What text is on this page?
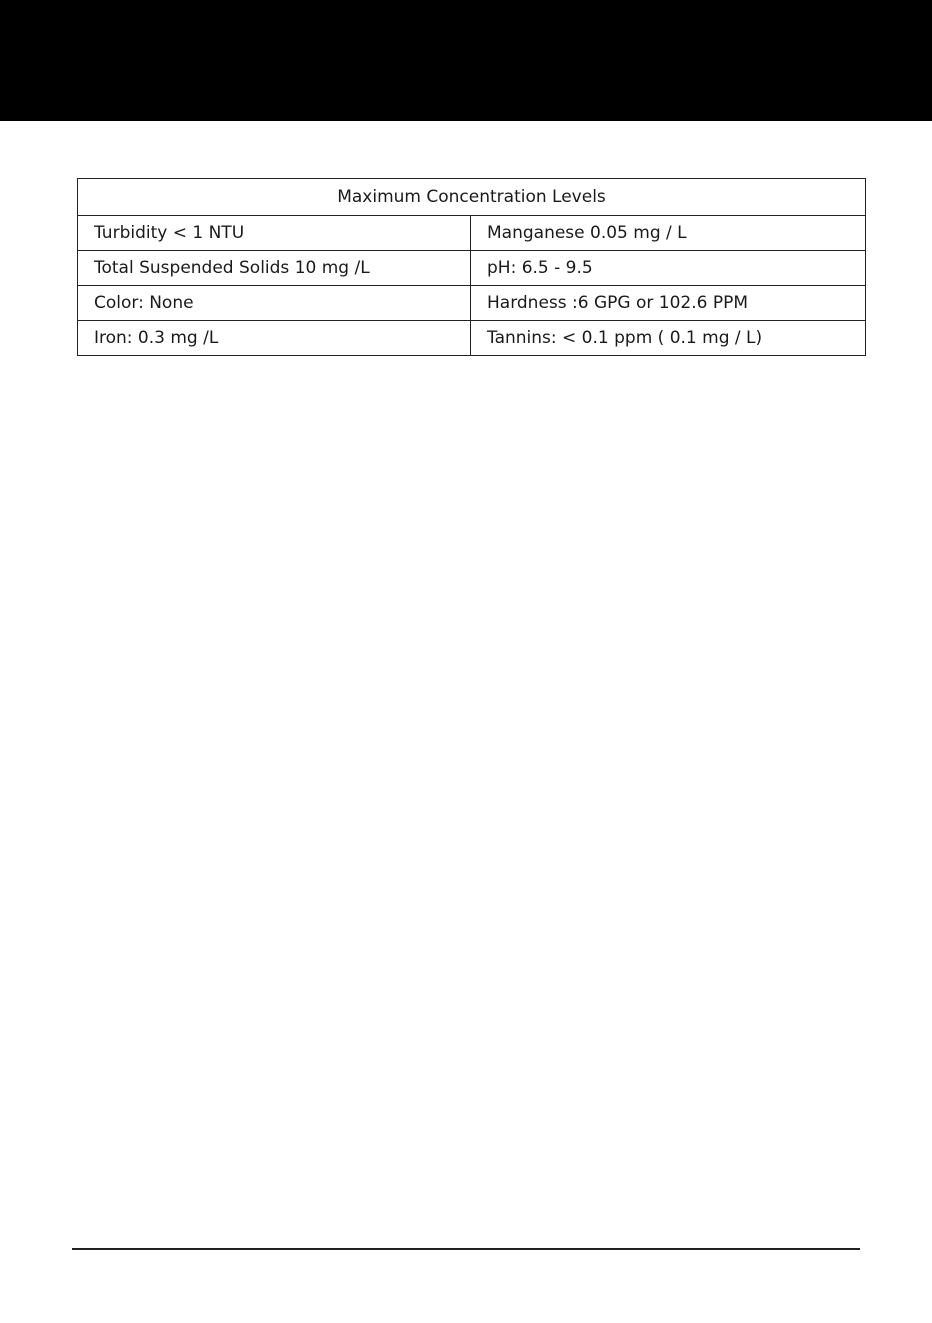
Maximum Concentration Levels	
Turbidity < 1 NTU	Manganese 0.05 mg / L
Total Suspended Solids 10 mg /L	pH: 6.5 - 9.5
Color: None	Hardness :6 GPG or 102.6 PPM
Iron: 0.3 mg /L	Tannins: < 0.1 ppm ( 0.1 mg / L)
